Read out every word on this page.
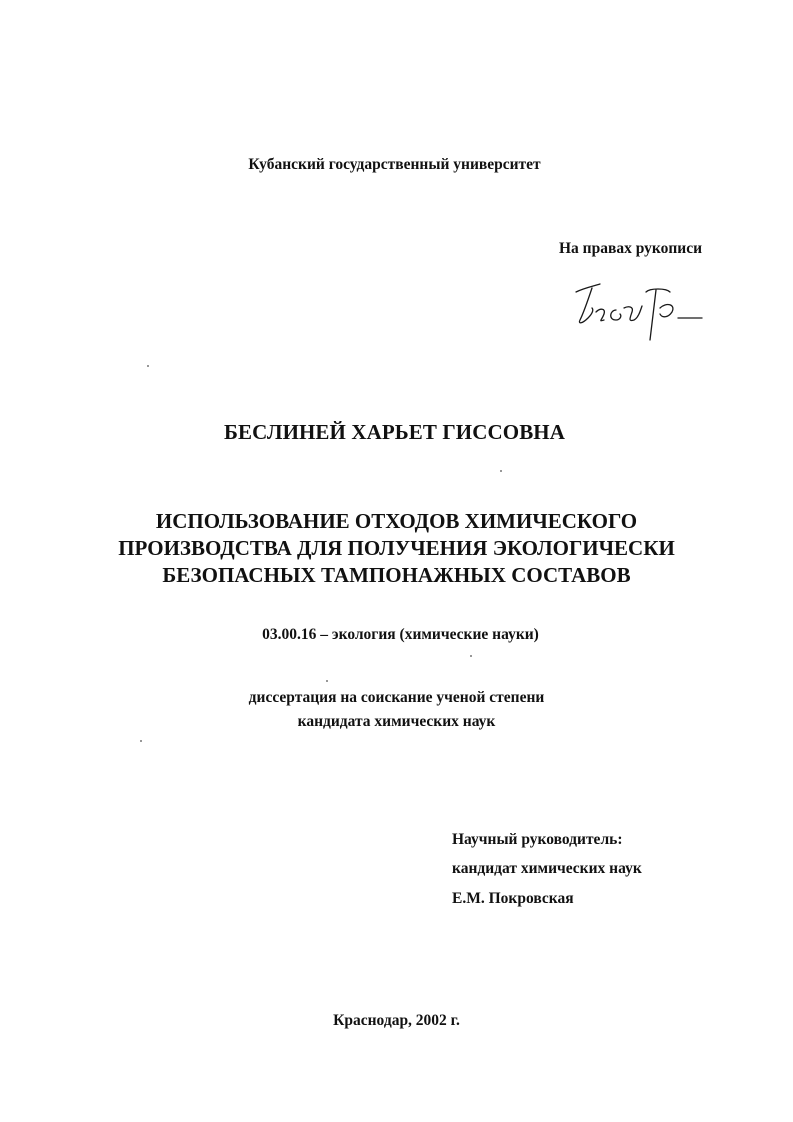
Кубанский государственный университет

На правах рукописи

БЕСЛИНЕЙ ХАРЬЕТ ГИССОВНА

ИСПОЛЬЗОВАНИЕ ОТХОДОВ ХИМИЧЕСКОГО

ПРОИЗВОДСТВА ДЛЯ ПОЛУЧЕНИЯ ЭКОЛОГИЧЕСКИ

БЕЗОПАСНЫХ ТАМПОНАЖНЫХ СОСТАВОВ

03.00.16 – экология (химические науки)

диссертация на соискание ученой степени

кандидата химических наук

Научный руководитель:

кандидат химических наук

Е.М. Покровская

Краснодар, 2002 г.
